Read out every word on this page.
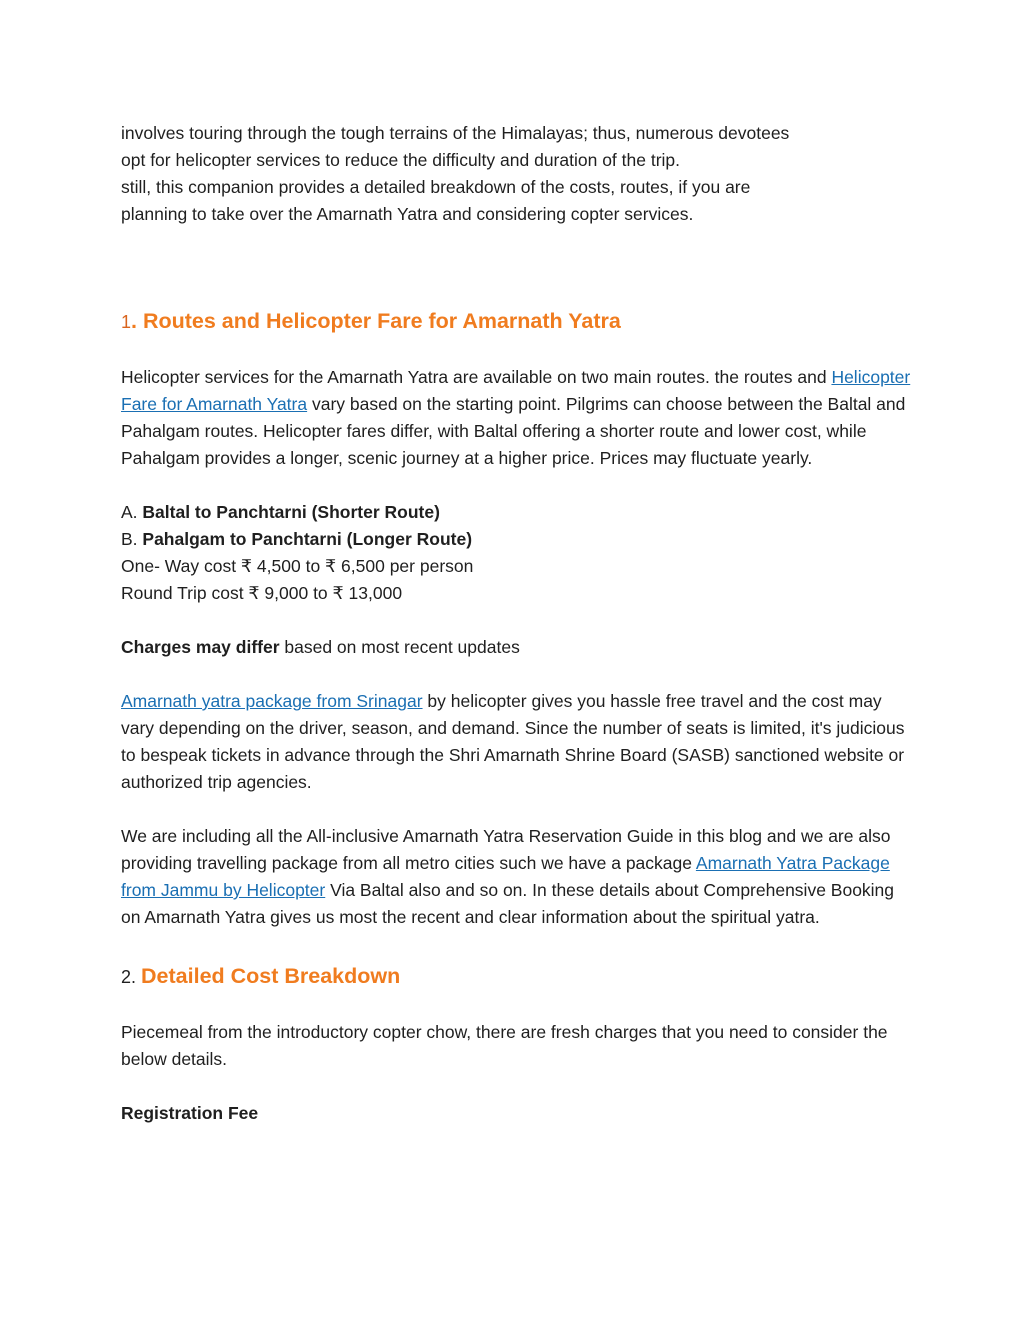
involves touring through the tough terrains of the Himalayas; thus, numerous devotees
opt for helicopter services to reduce the difficulty and duration of the trip.
still, this companion provides a detailed breakdown of the costs, routes, if you are
planning to take over the Amarnath Yatra and considering copter services.

1. Routes and Helicopter Fare for Amarnath Yatra

Helicopter services for the Amarnath Yatra are available on two main routes. the routes and Helicopter Fare for Amarnath Yatra vary based on the starting point. Pilgrims can choose between the Baltal and Pahalgam routes. Helicopter fares differ, with Baltal offering a shorter route and lower cost, while Pahalgam provides a longer, scenic journey at a higher price. Prices may fluctuate yearly.

A. Baltal to Panchtarni (Shorter Route)
B. Pahalgam to Panchtarni (Longer Route)
One- Way cost ₹ 4,500 to ₹ 6,500 per person
Round Trip cost ₹ 9,000 to ₹ 13,000

Charges may differ based on most recent updates

Amarnath yatra package from Srinagar by helicopter gives you hassle free travel and the cost may vary depending on the driver, season, and demand. Since the number of seats is limited, it's judicious to bespeak tickets in advance through the Shri Amarnath Shrine Board (SASB) sanctioned website or authorized trip agencies.

We are including all the All-inclusive Amarnath Yatra Reservation Guide in this blog and we are also providing travelling package from all metro cities such we have a package Amarnath Yatra Package from Jammu by Helicopter Via Baltal also and so on. In these details about Comprehensive Booking on Amarnath Yatra gives us most the recent and clear information about the spiritual yatra.

2. Detailed Cost Breakdown

Piecemeal from the introductory copter chow, there are fresh charges that you need to consider the below details.

Registration Fee
